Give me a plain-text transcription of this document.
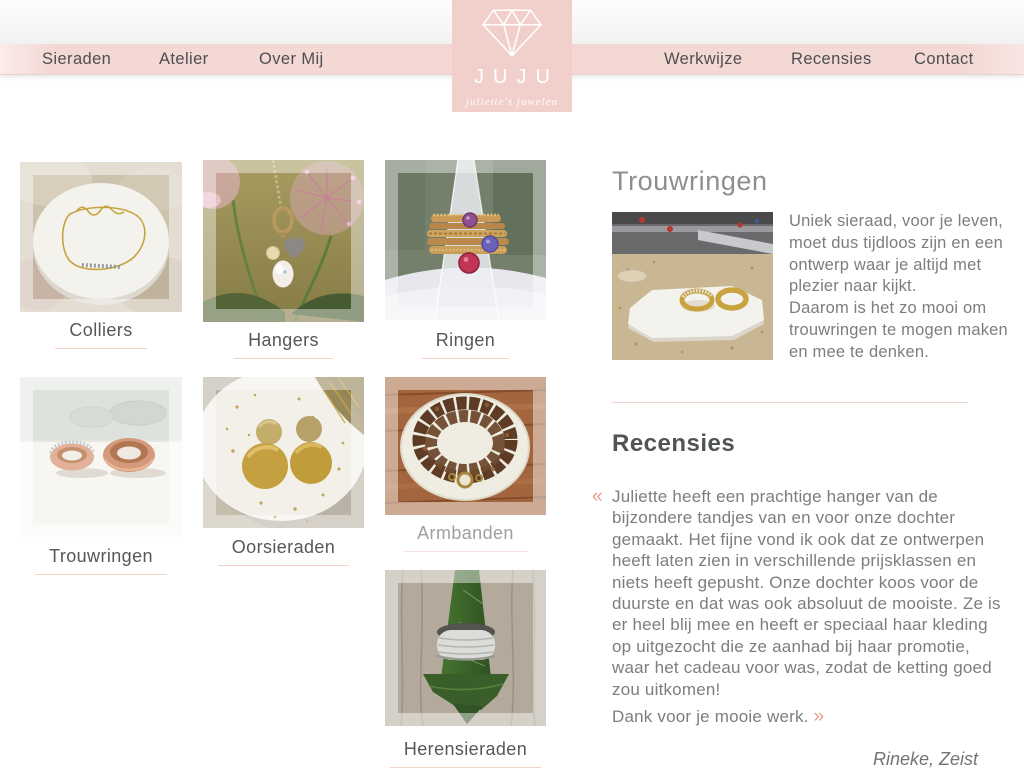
Sieraden	Atelier	Over Mij	Werkwijze	Recensies	Contact
JUJU
juliette's juwelen
Colliers	Hangers	Ringen
Trouwringen	Oorsieraden
Armbanden
Herensieraden
Trouwringen

Uniek sieraad, voor je leven, moet dus tijdloos zijn en een ontwerp waar je altijd met plezier naar kijkt.

Daarom is het zo mooi om trouwringen te mogen maken en mee te denken.

Recensies
« Juliette heeft een prachtige hanger van de bijzondere tandjes van en voor onze dochter gemaakt. Het fijne vond ik ook dat ze ontwerpen heeft laten zien in verschillende prijsklassen en niets heeft gepusht. Onze dochter koos voor de duurste en dat was ook absoluut de mooiste. Ze is er heel blij mee en heeft er speciaal haar kleding op uitgezocht die ze aanhad bij haar promotie, waar het cadeau voor was, zodat de ketting goed zou uitkomen!

Dank voor je mooie werk. »

Rineke, Zeist
